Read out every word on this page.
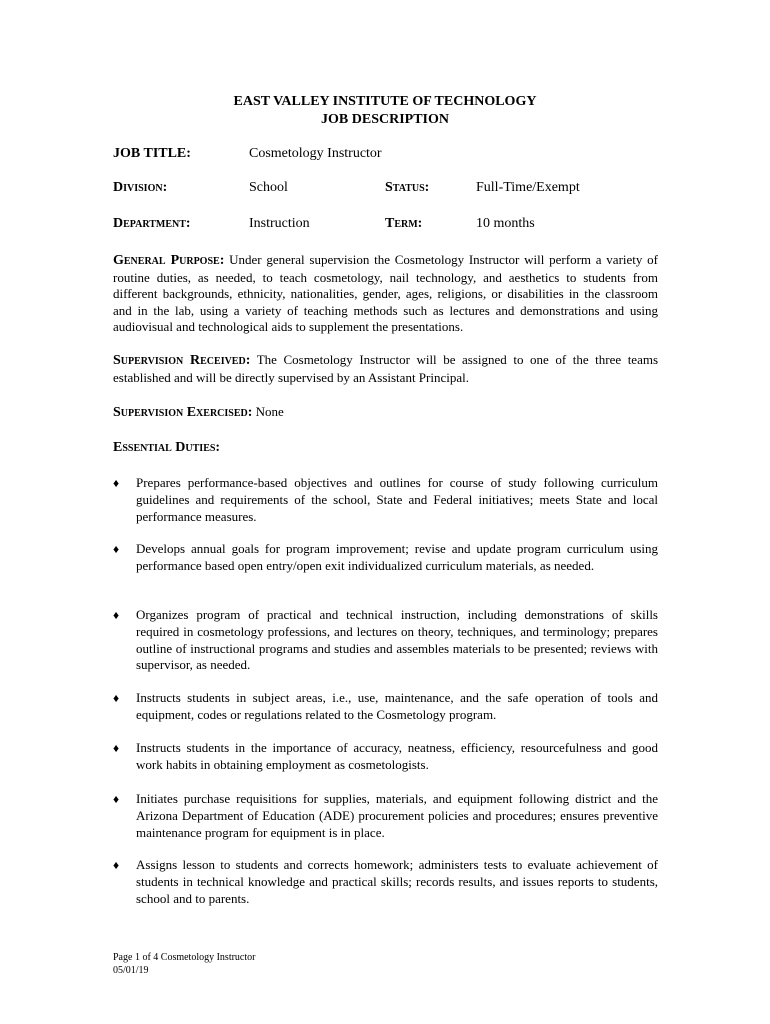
EAST VALLEY INSTITUTE OF TECHNOLOGY
JOB DESCRIPTION
JOB TITLE:	Cosmetology Instructor
Division:	School	Status:	Full-Time/Exempt
Department:	Instruction	Term:	10 months

General Purpose: Under general supervision the Cosmetology Instructor will perform a variety of routine duties, as needed, to teach cosmetology, nail technology, and aesthetics to students from different backgrounds, ethnicity, nationalities, gender, ages, religions, or disabilities in the classroom and in the lab, using a variety of teaching methods such as lectures and demonstrations and using audiovisual and technological aids to supplement the presentations.

Supervision Received: The Cosmetology Instructor will be assigned to one of the three teams established and will be directly supervised by an Assistant Principal.

Supervision Exercised: None

Essential Duties:

♦ Prepares performance-based objectives and outlines for course of study following curriculum guidelines and requirements of the school, State and Federal initiatives; meets State and local performance measures.
♦ Develops annual goals for program improvement; revise and update program curriculum using performance based open entry/open exit individualized curriculum materials, as needed.
♦ Organizes program of practical and technical instruction, including demonstrations of skills required in cosmetology professions, and lectures on theory, techniques, and terminology; prepares outline of instructional programs and studies and assembles materials to be presented; reviews with supervisor, as needed.
♦ Instructs students in subject areas, i.e., use, maintenance, and the safe operation of tools and equipment, codes or regulations related to the Cosmetology program.
♦ Instructs students in the importance of accuracy, neatness, efficiency, resourcefulness and good work habits in obtaining employment as cosmetologists.
♦ Initiates purchase requisitions for supplies, materials, and equipment following district and the Arizona Department of Education (ADE) procurement policies and procedures; ensures preventive maintenance program for equipment is in place.
♦ Assigns lesson to students and corrects homework; administers tests to evaluate achievement of students in technical knowledge and practical skills; records results, and issues reports to students, school and to parents.
Page 1 of 4 Cosmetology Instructor
05/01/19
